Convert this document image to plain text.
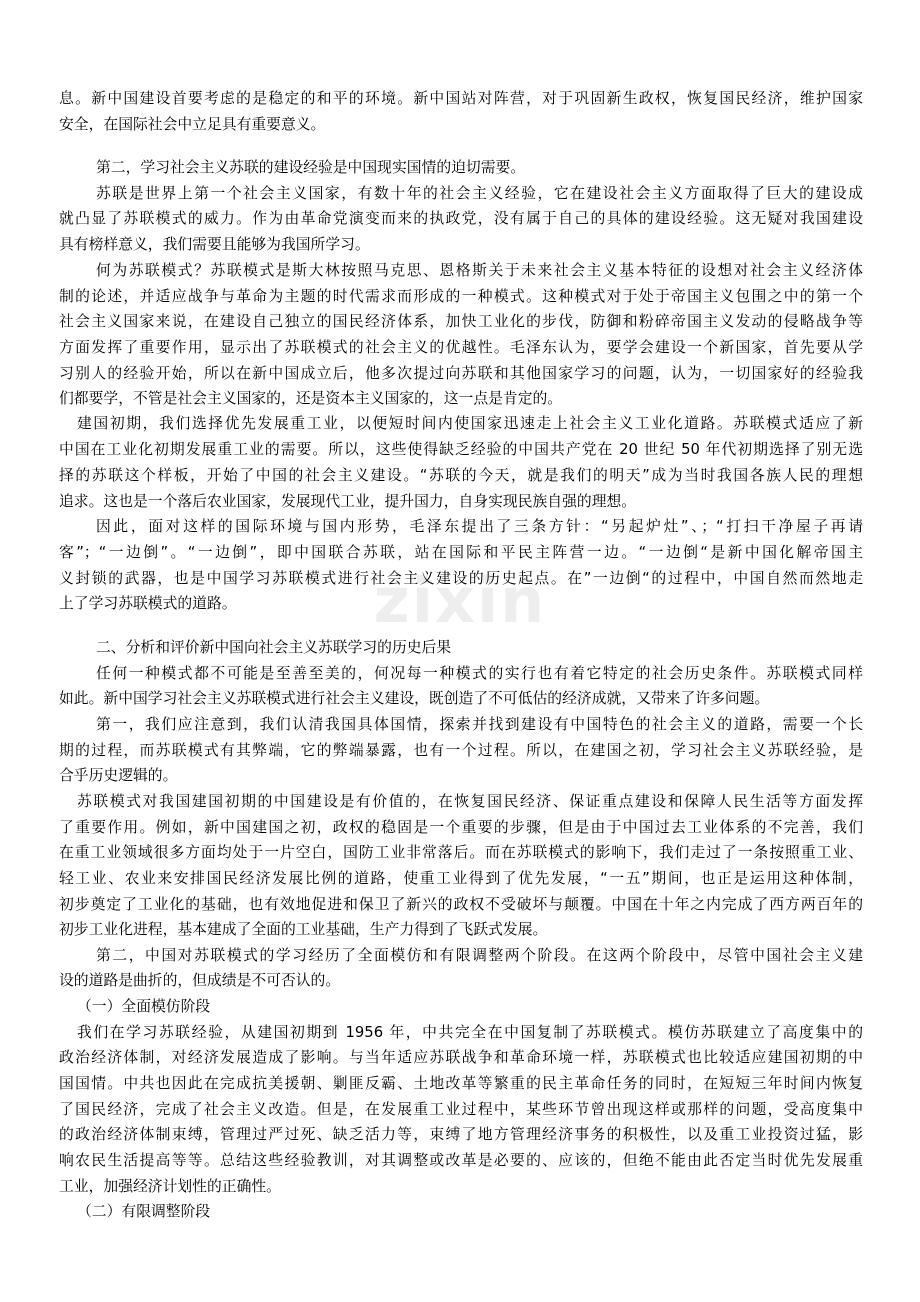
zixin
息。新中国建设首要考虑的是稳定的和平的环境。新中国站对阵营，对于巩固新生政权，恢复国民经济，维护国家
安全，在国际社会中立足具有重要意义。
第二，学习社会主义苏联的建设经验是中国现实国情的迫切需要。
苏联是世界上第一个社会主义国家，有数十年的社会主义经验，它在建设社会主义方面取得了巨大的建设成
就凸显了苏联模式的威力。作为由革命党演变而来的执政党，没有属于自己的具体的建设经验。这无疑对我国建设
具有榜样意义，我们需要且能够为我国所学习。
何为苏联模式？苏联模式是斯大林按照马克思、恩格斯关于未来社会主义基本特征的设想对社会主义经济体
制的论述，并适应战争与革命为主题的时代需求而形成的一种模式。这种模式对于处于帝国主义包围之中的第一个
社会主义国家来说，在建设自己独立的国民经济体系，加快工业化的步伐，防御和粉碎帝国主义发动的侵略战争等
方面发挥了重要作用，显示出了苏联模式的社会主义的优越性。毛泽东认为，要学会建设一个新国家，首先要从学
习别人的经验开始，所以在新中国成立后，他多次提过向苏联和其他国家学习的问题，认为，一切国家好的经验我
们都要学，不管是社会主义国家的，还是资本主义国家的，这一点是肯定的。
建国初期，我们选择优先发展重工业，以便短时间内使国家迅速走上社会主义工业化道路。苏联模式适应了新
中国在工业化初期发展重工业的需要。所以，这些使得缺乏经验的中国共产党在 20 世纪 50 年代初期选择了别无选
择的苏联这个样板，开始了中国的社会主义建设。“苏联的今天，就是我们的明天”成为当时我国各族人民的理想
追求。这也是一个落后农业国家，发展现代工业，提升国力，自身实现民族自强的理想。
因此，面对这样的国际环境与国内形势，毛泽东提出了三条方针：“另起炉灶”、；“打扫干净屋子再请
客”；“一边倒”。“一边倒”，即中国联合苏联，站在国际和平民主阵营一边。“一边倒“是新中国化解帝国主
义封锁的武器，也是中国学习苏联模式进行社会主义建设的历史起点。在”一边倒“的过程中，中国自然而然地走
上了学习苏联模式的道路。
二、分析和评价新中国向社会主义苏联学习的历史后果
任何一种模式都不可能是至善至美的，何况每一种模式的实行也有着它特定的社会历史条件。苏联模式同样
如此。新中国学习社会主义苏联模式进行社会主义建设，既创造了不可低估的经济成就，又带来了许多问题。
第一，我们应注意到，我们认清我国具体国情，探索并找到建设有中国特色的社会主义的道路，需要一个长
期的过程，而苏联模式有其弊端，它的弊端暴露，也有一个过程。所以，在建国之初，学习社会主义苏联经验，是
合乎历史逻辑的。
苏联模式对我国建国初期的中国建设是有价值的，在恢复国民经济、保证重点建设和保障人民生活等方面发挥
了重要作用。例如，新中国建国之初，政权的稳固是一个重要的步骤，但是由于中国过去工业体系的不完善，我们
在重工业领域很多方面均处于一片空白，国防工业非常落后。而在苏联模式的影响下，我们走过了一条按照重工业、
轻工业、农业来安排国民经济发展比例的道路，使重工业得到了优先发展，“一五”期间，也正是运用这种体制，
初步奠定了工业化的基础，也有效地促进和保卫了新兴的政权不受破坏与颠覆。中国在十年之内完成了西方两百年的
初步工业化进程，基本建成了全面的工业基础，生产力得到了飞跃式发展。
第二，中国对苏联模式的学习经历了全面模仿和有限调整两个阶段。在这两个阶段中，尽管中国社会主义建
设的道路是曲折的，但成绩是不可否认的。
（一）全面模仿阶段
我们在学习苏联经验，从建国初期到 1956 年，中共完全在中国复制了苏联模式。模仿苏联建立了高度集中的
政治经济体制，对经济发展造成了影响。与当年适应苏联战争和革命环境一样，苏联模式也比较适应建国初期的中
国国情。中共也因此在完成抗美援朝、剿匪反霸、土地改革等繁重的民主革命任务的同时，在短短三年时间内恢复
了国民经济，完成了社会主义改造。但是，在发展重工业过程中，某些环节曾出现这样或那样的问题，受高度集中
的政治经济体制束缚，管理过严过死、缺乏活力等，束缚了地方管理经济事务的积极性，以及重工业投资过猛，影
响农民生活提高等等。总结这些经验教训，对其调整或改革是必要的、应该的，但绝不能由此否定当时优先发展重
工业，加强经济计划性的正确性。
（二）有限调整阶段
